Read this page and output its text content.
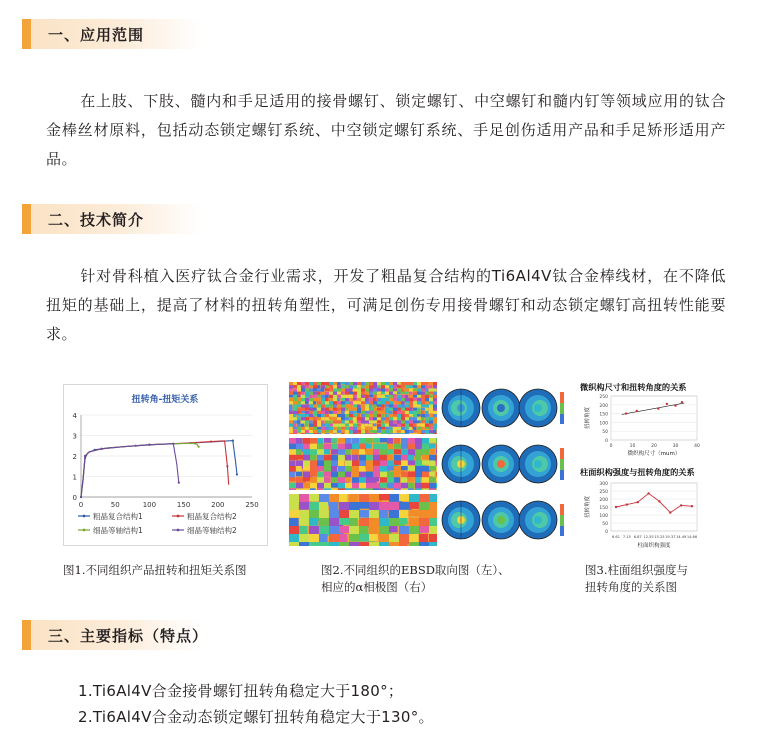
一、应用范围
在上肢、下肢、髓内和手足适用的接骨螺钉、锁定螺钉、中空螺钉和髓内钉等领域应用的钛合金棒丝材原料，包括动态锁定螺钉系统、中空锁定螺钉系统、手足创伤适用产品和手足矫形适用产品。
二、技术简介
针对骨科植入医疗钛合金行业需求，开发了粗晶复合结构的Ti6Al4V钛合金棒线材，在不降低扭矩的基础上，提高了材料的扭转角塑性，可满足创伤专用接骨螺钉和动态锁定螺钉高扭转性能要求。
扭转角-扭矩关系
0
1
2
3
4
0	50	100	150	200	250
粗晶复合结构1	粗晶复合结构2
细晶等轴结构1	细晶等轴结构2
图1.不同组织产品扭转和扭矩关系图	图2.不同组织的EBSD取向图（左）、
相应的α相极图（右）
微织构尺寸和扭转角度的关系
0
50
100
150
200
250
0	10	20	30	40
微织构尺寸（mum）
扭转角度
柱面织构强度与扭转角度的关系
0
50
100
150
200
250
300
6.61 7.15 6.87 12.55 15.25 19.37 14.49 14.66
柱面织构强度
扭转角度
图3.柱面组织强度与
扭转角度的关系图
三、主要指标（特点）
1.Ti6Al4V合金接骨螺钉扭转角稳定大于180°；
2.Ti6Al4V合金动态锁定螺钉扭转角稳定大于130°。
